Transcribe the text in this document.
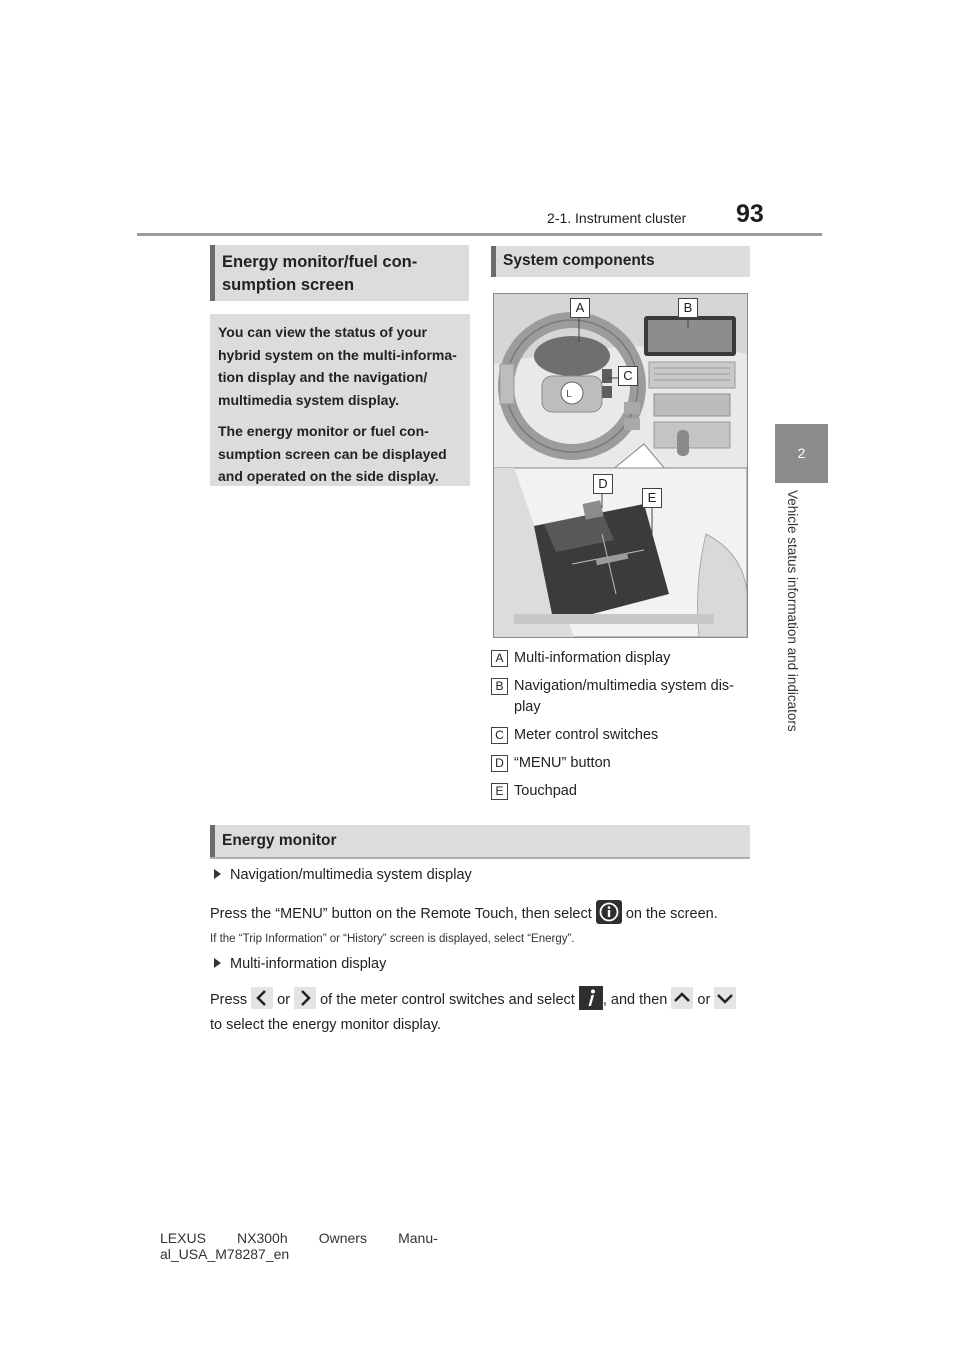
2-1. Instrument cluster 93
2
Vehicle status information and indicators
Energy monitor/fuel con-
sumption screen

You can view the status of your
hybrid system on the multi-informa-
tion display and the navigation/
multimedia system display.

The energy monitor or fuel con-
sumption screen can be displayed
and operated on the side display.

System components
L
A	B
C
D
E
A Multi-information display
B Navigation/multimedia system dis-
play
C Meter control switches
D “MENU” button
E Touchpad
Energy monitor
Navigation/multimedia system display
Press the “MENU” button on the Remote Touch, then select on the screen.
If the “Trip Information” or “History” screen is displayed, select “Energy”.
Multi-information display
Press or of the meter control switches and select , and then or
to select the energy monitor display.
LEXUS        NX300h        Owners        Manu-
al_USA_M78287_en
